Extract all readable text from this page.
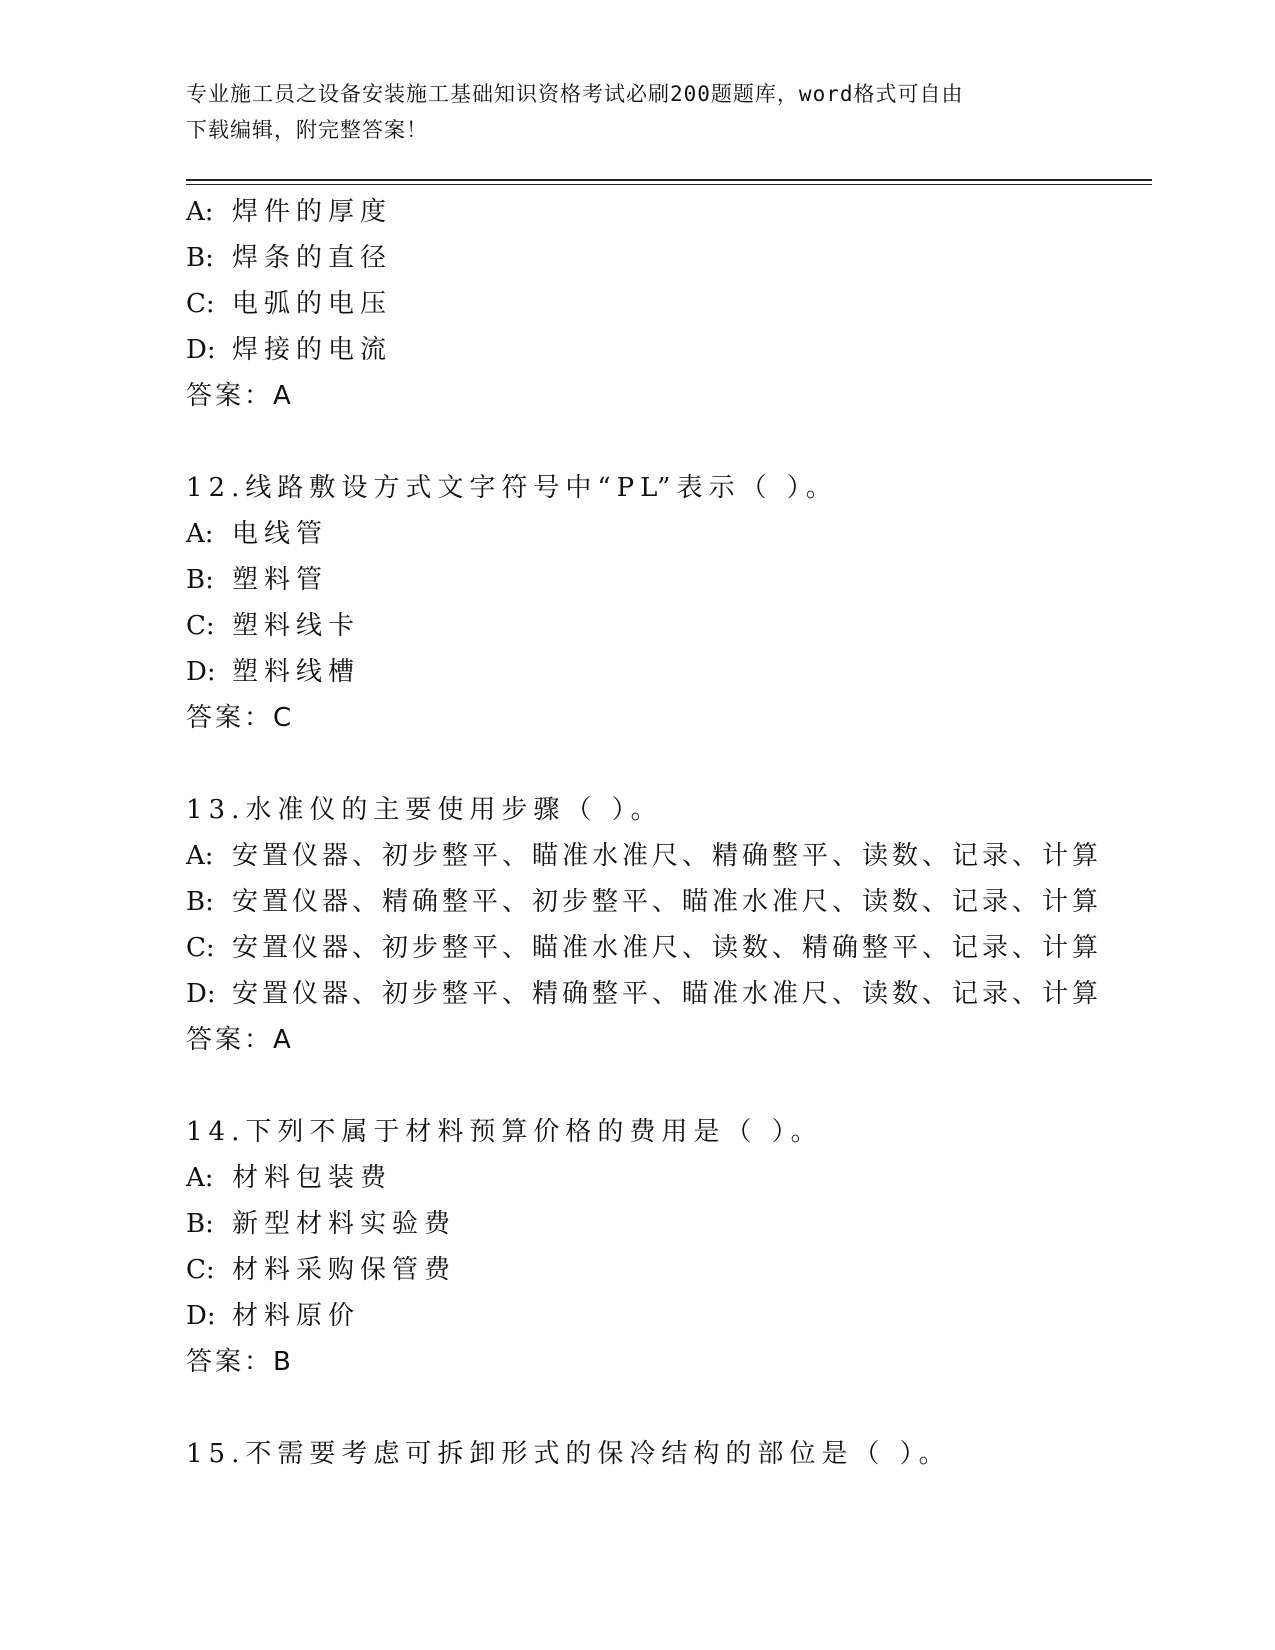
专业施工员之设备安装施工基础知识资格考试必刷200题题库，word格式可自由
下载编辑，附完整答案！
A: 焊件的厚度
B: 焊条的直径
C: 电弧的电压
D: 焊接的电流
答案：A
12.线路敷设方式文字符号中“PL”表示（ ）。
A: 电线管
B: 塑料管
C: 塑料线卡
D: 塑料线槽
答案：C
13.水准仪的主要使用步骤（ ）。
A: 安置仪器、初步整平、瞄准水准尺、精确整平、读数、记录、计算
B: 安置仪器、精确整平、初步整平、瞄准水准尺、读数、记录、计算
C: 安置仪器、初步整平、瞄准水准尺、读数、精确整平、记录、计算
D: 安置仪器、初步整平、精确整平、瞄准水准尺、读数、记录、计算
答案：A
14.下列不属于材料预算价格的费用是（ ）。
A: 材料包装费
B: 新型材料实验费
C: 材料采购保管费
D: 材料原价
答案：B
15.不需要考虑可拆卸形式的保冷结构的部位是（ ）。
